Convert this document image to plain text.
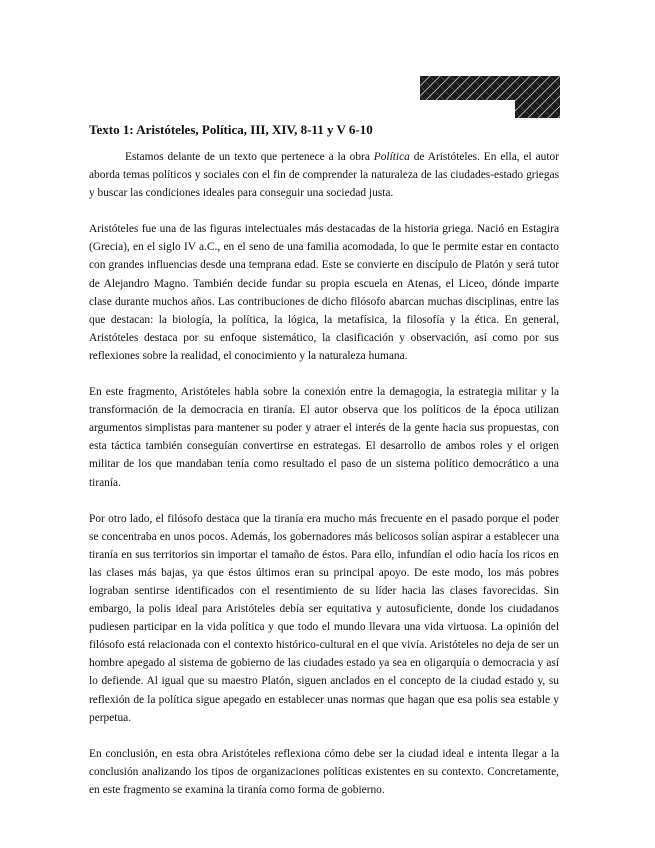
Texto 1: Aristóteles, Política, III, XIV, 8-11 y V 6-10

Estamos delante de un texto que pertenece a la obra Política de Aristóteles. En ella, el autor aborda temas políticos y sociales con el fin de comprender la naturaleza de las ciudades-estado griegas y buscar las condiciones ideales para conseguir una sociedad justa.

Aristóteles fue una de las figuras intelectuales más destacadas de la historia griega. Nació en Estagira (Grecia), en el siglo IV a.C., en el seno de una familia acomodada, lo que le permite estar en contacto con grandes influencias desde una temprana edad. Este se convierte en discípulo de Platón y será tutor de Alejandro Magno. También decide fundar su propia escuela en Atenas, el Liceo, dónde imparte clase durante muchos años. Las contribuciones de dicho filósofo abarcan muchas disciplinas, entre las que destacan: la biología, la política, la lógica, la metafísica, la filosofía y la ética. En general, Aristóteles destaca por su enfoque sistemático, la clasificación y observación, así como por sus reflexiones sobre la realidad, el conocimiento y la naturaleza humana.

En este fragmento, Aristóteles habla sobre la conexión entre la demagogia, la estrategia militar y la transformación de la democracia en tiranía. El autor observa que los políticos de la época utilizan argumentos simplistas para mantener su poder y atraer el interés de la gente hacia sus propuestas, con esta táctica también conseguían convertirse en estrategas. El desarrollo de ambos roles y el origen militar de los que mandaban tenía como resultado el paso de un sistema político democrático a una tiranía.

Por otro lado, el filósofo destaca que la tiranía era mucho más frecuente en el pasado porque el poder se concentraba en unos pocos. Además, los gobernadores más belicosos solían aspirar a establecer una tiranía en sus territorios sin importar el tamaño de éstos. Para ello, infundían el odio hacía los ricos en las clases más bajas, ya que éstos últimos eran su principal apoyo. De este modo, los más pobres lograban sentirse identificados con el resentimiento de su líder hacia las clases favorecidas. Sin embargo, la polis ideal para Aristóteles debía ser equitativa y autosuficiente, donde los ciudadanos pudiesen participar en la vida política y que todo el mundo llevara una vida virtuosa. La opinión del filósofo está relacionada con el contexto histórico-cultural en el que vivía. Aristóteles no deja de ser un hombre apegado al sistema de gobierno de las ciudades estado ya sea en oligarquía o democracia y así lo defiende. Al igual que su maestro Platón, siguen anclados en el concepto de la ciudad estado y, su reflexión de la política sigue apegado en establecer unas normas que hagan que esa polis sea estable y perpetua.

En conclusión, en esta obra Aristóteles reflexiona cómo debe ser la ciudad ideal e intenta llegar a la conclusión analizando los tipos de organizaciones políticas existentes en su contexto. Concretamente, en este fragmento se examina la tiranía como forma de gobierno.
